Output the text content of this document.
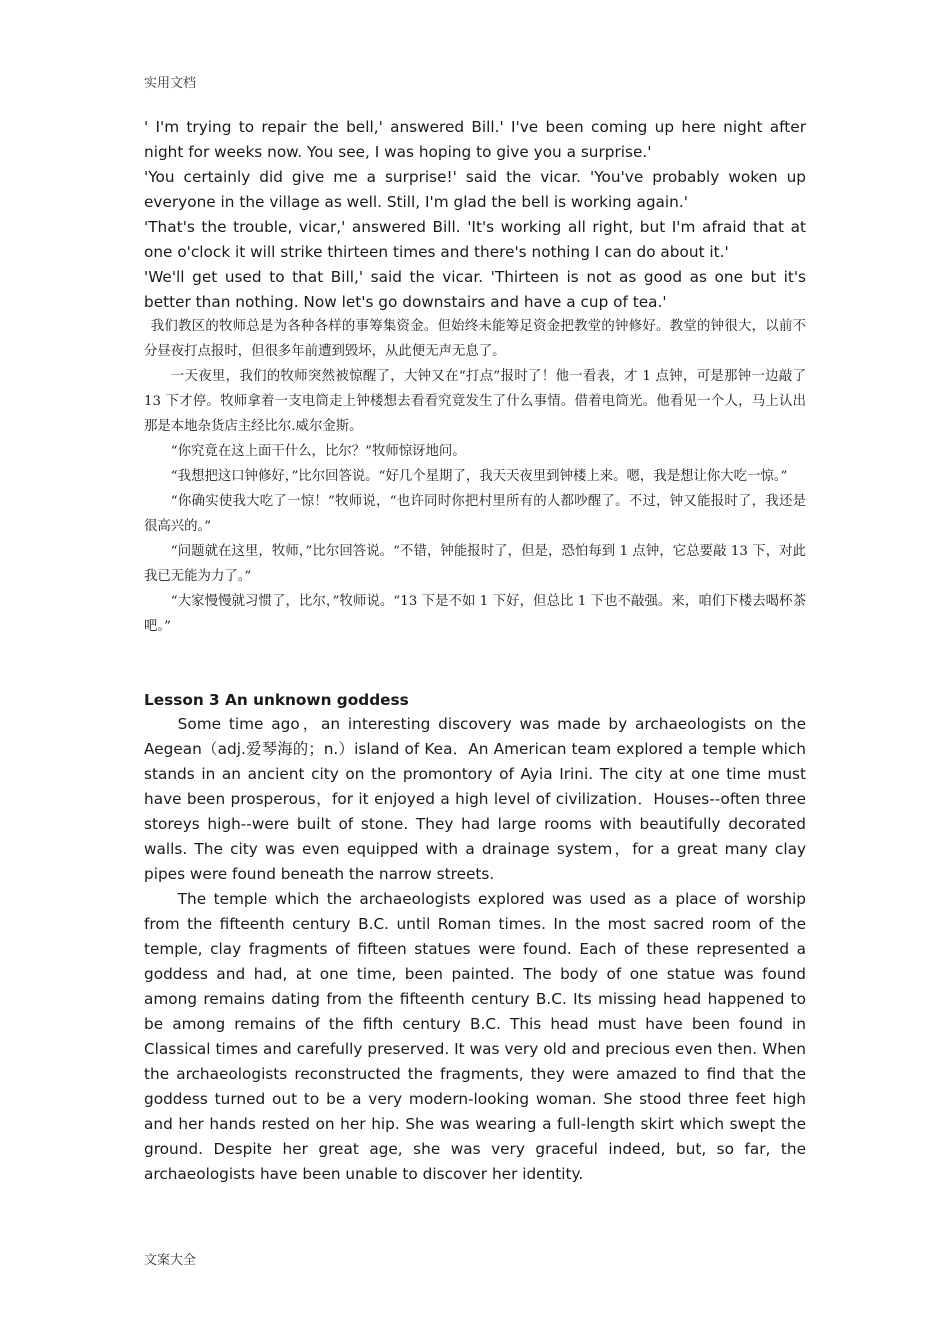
实用文档

' I'm trying to repair the bell,' answered Bill.' I've been coming up here night after night for weeks now. You see, I was hoping to give you a surprise.'

'You certainly did give me a surprise!' said the vicar. 'You've probably woken up everyone in the village as well. Still, I'm glad the bell is working again.'

'That's the trouble, vicar,' answered Bill. 'It's working all right, but I'm afraid that at one o'clock it will strike thirteen times and there's nothing I can do about it.'

'We'll get used to that Bill,' said the vicar. 'Thirteen is not as good as one but it's better than nothing. Now let's go downstairs and have a cup of tea.'

我们教区的牧师总是为各种各样的事筹集资金。但始终未能筹足资金把教堂的钟修好。教堂的钟很大，以前不分昼夜打点报时，但很多年前遭到毁坏，从此便无声无息了。

一天夜里，我们的牧师突然被惊醒了，大钟又在“打点”报时了！他一看表，才 1 点钟，可是那钟一边敲了 13 下才停。牧师拿着一支电筒走上钟楼想去看看究竟发生了什么事情。借着电筒光。他看见一个人，马上认出那是本地杂货店主经比尔.威尔金斯。

“你究竟在这上面干什么，比尔？”牧师惊讶地问。

“我想把这口钟修好，”比尔回答说。“好几个星期了，我天天夜里到钟楼上来。嗯，我是想让你大吃一惊。”

“你确实使我大吃了一惊！”牧师说，“也许同时你把村里所有的人都吵醒了。不过，钟又能报时了，我还是很高兴的。”

“问题就在这里，牧师，”比尔回答说。“不错，钟能报时了，但是，恐怕每到 1 点钟，它总要敲 13 下，对此我已无能为力了。”

“大家慢慢就习惯了，比尔，”牧师说。“13 下是不如 1 下好，但总比 1 下也不敲强。来，咱们下楼去喝杯茶吧。”

Lesson 3 An unknown goddess

Some time ago，an interesting discovery was made by archaeologists on the Aegean（adj.爱琴海的；n.）island of Kea．An American team explored a temple which stands in an ancient city on the promontory of Ayia Irini. The city at one time must have been prosperous，for it enjoyed a high level of civilization．Houses--often three storeys high--were built of stone. They had large rooms with beautifully decorated walls. The city was even equipped with a drainage system，for a great many clay pipes were found beneath the narrow streets.

The temple which the archaeologists explored was used as a place of worship from the fifteenth century B.C. until Roman times. In the most sacred room of the temple, clay fragments of fifteen statues were found. Each of these represented a goddess and had, at one time, been painted. The body of one statue was found among remains dating from the fifteenth century B.C. Its missing head happened to be among remains of the fifth century B.C. This head must have been found in Classical times and carefully preserved. It was very old and precious even then. When the archaeologists reconstructed the fragments, they were amazed to find that the goddess turned out to be a very modern-looking woman. She stood three feet high and her hands rested on her hip. She was wearing a full-length skirt which swept the ground. Despite her great age, she was very graceful indeed, but, so far, the archaeologists have been unable to discover her identity.

文案大全
